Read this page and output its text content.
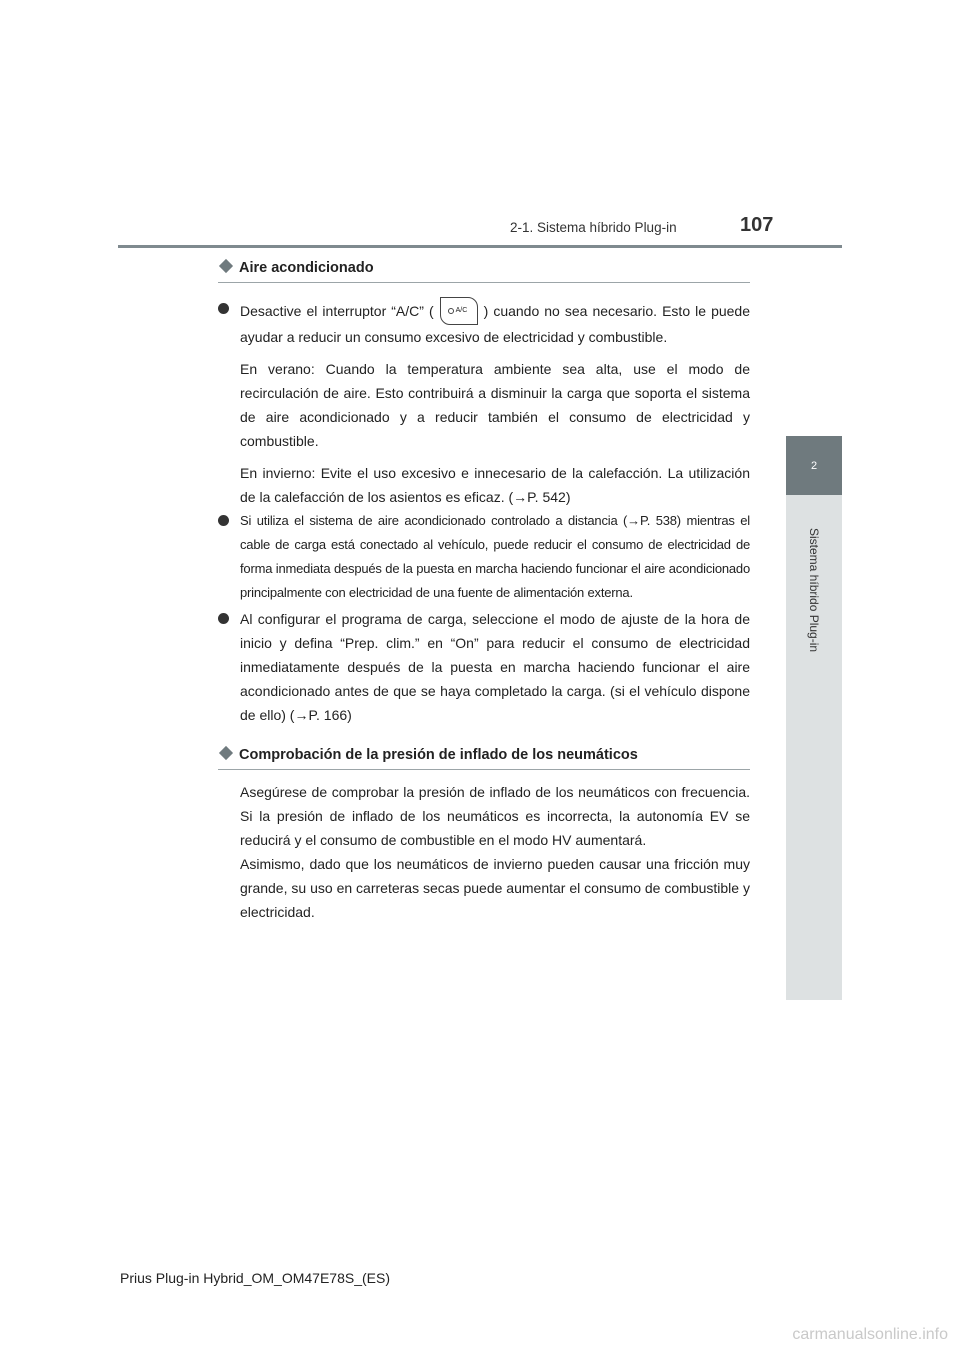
2-1. Sistema híbrido Plug-in	107
2
Sistema híbrido Plug-in
Aire acondicionado
Desactive el interruptor “A/C” (	A/C ) cuando no sea necesario. Esto le puede ayudar a reducir un consumo excesivo de electricidad y combustible.

En verano: Cuando la temperatura ambiente sea alta, use el modo de recirculación de aire. Esto contribuirá a disminuir la carga que soporta el sistema de aire acondicionado y a reducir también el consumo de electricidad y combustible.

En invierno: Evite el uso excesivo e innecesario de la calefacción. La utilización de la calefacción de los asientos es eficaz. (→P. 542)

Si utiliza el sistema de aire acondicionado controlado a distancia (→P. 538) mientras el cable de carga está conectado al vehículo, puede reducir el consumo de electricidad de forma inmediata después de la puesta en marcha haciendo funcionar el aire acondicionado principalmente con electricidad de una fuente de alimentación externa.
Al configurar el programa de carga, seleccione el modo de ajuste de la hora de inicio y defina “Prep. clim.” en “On” para reducir el consumo de electricidad inmediatamente después de la puesta en marcha haciendo funcionar el aire acondicionado antes de que se haya completado la carga. (si el vehículo dispone de ello) (→P. 166)
Comprobación de la presión de inflado de los neumáticos

Asegúrese de comprobar la presión de inflado de los neumáticos con frecuencia. Si la presión de inflado de los neumáticos es incorrecta, la autonomía EV se reducirá y el consumo de combustible en el modo HV aumentará.

Asimismo, dado que los neumáticos de invierno pueden causar una fricción muy grande, su uso en carreteras secas puede aumentar el consumo de combustible y electricidad.

Prius Plug-in Hybrid_OM_OM47E78S_(ES)
carmanualsonline.info
